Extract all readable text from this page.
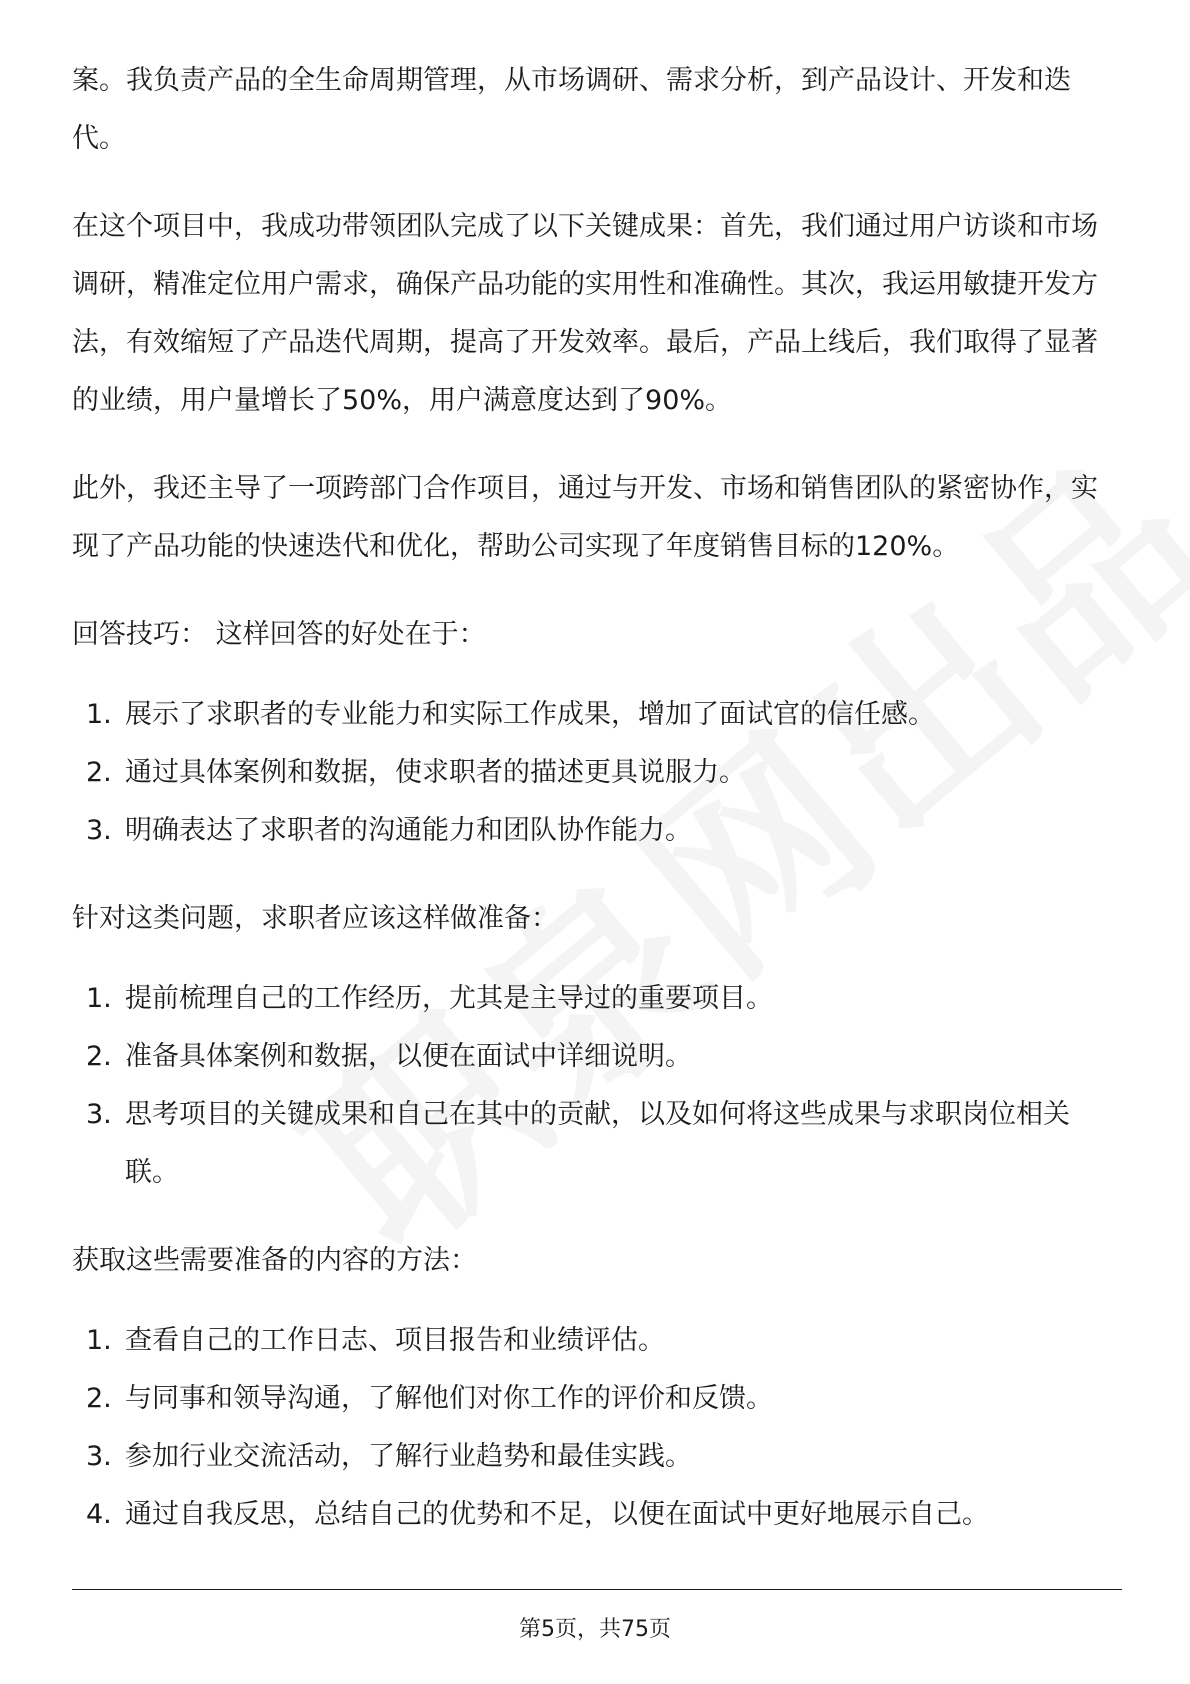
案。我负责产品的全生命周期管理，从市场调研、需求分析，到产品设计、开发和迭代。

在这个项目中，我成功带领团队完成了以下关键成果：首先，我们通过用户访谈和市场调研，精准定位用户需求，确保产品功能的实用性和准确性。其次，我运用敏捷开发方法，有效缩短了产品迭代周期，提高了开发效率。最后，产品上线后，我们取得了显著的业绩，用户量增长了50%，用户满意度达到了90%。

此外，我还主导了一项跨部门合作项目，通过与开发、市场和销售团队的紧密协作，实现了产品功能的快速迭代和优化，帮助公司实现了年度销售目标的120%。

回答技巧： 这样回答的好处在于：
1. 展示了求职者的专业能力和实际工作成果，增加了面试官的信任感。
2. 通过具体案例和数据，使求职者的描述更具说服力。
3. 明确表达了求职者的沟通能力和团队协作能力。
针对这类问题，求职者应该这样做准备：
1. 提前梳理自己的工作经历，尤其是主导过的重要项目。
2. 准备具体案例和数据，以便在面试中详细说明。
3. 思考项目的关键成果和自己在其中的贡献，以及如何将这些成果与求职岗位相关联。
获取这些需要准备的内容的方法：
1. 查看自己的工作日志、项目报告和业绩评估。
2. 与同事和领导沟通，了解他们对你工作的评价和反馈。
3. 参加行业交流活动，了解行业趋势和最佳实践。
4. 通过自我反思，总结自己的优势和不足，以便在面试中更好地展示自己。
第5页，共75页
